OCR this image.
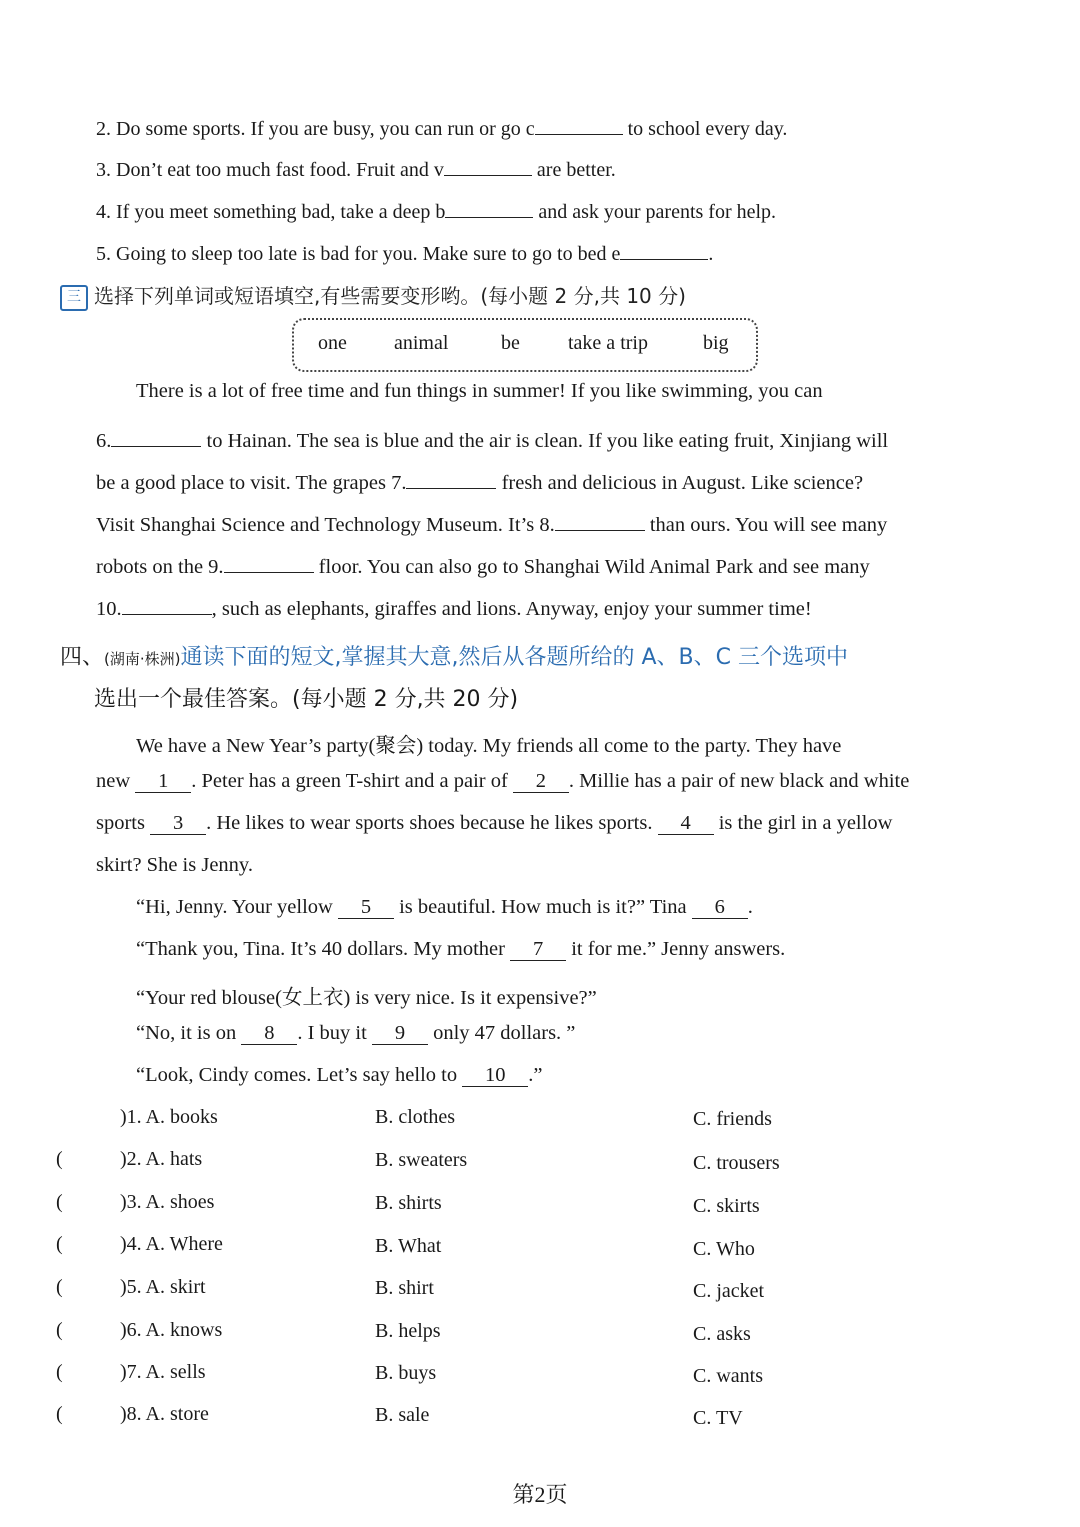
2. Do some sports. If you are busy, you can run or go c	to school every day.
3. Don’t eat too much fast food. Fruit and v	are better.
4. If you meet something bad, take a deep b	and ask your parents for help.
5. Going to sleep too late is bad for you. Make sure to go to bed e	.
三 选择下列单词或短语填空,有些需要变形哟。(每小题 2 分,共 10 分)
one animal	be take a trip	big
There is a lot of free time and fun things in summer! If you like swimming, you can
6.	to Hainan. The sea is blue and the air is clean. If you like eating fruit, Xinjiang will
be a good place to visit. The grapes 7.	fresh and delicious in August. Like science?
Visit Shanghai Science and Technology Museum. It’s 8.	than ours. You will see many
robots on the 9.	floor. You can also go to Shanghai Wild Animal Park and see many
10.	, such as elephants, giraffes and lions. Anyway, enjoy your summer time!
四、(湖南·株洲)通读下面的短文,掌握其大意,然后从各题所给的 A、B、C 三个选项中
选出一个最佳答案。(每小题 2 分,共 20 分)
We have a New Year’s party(聚会) today. My friends all come to the party. They have
new 1 . Peter has a green T-shirt and a pair of 2 . Millie has a pair of new black and white
sports 3 . He likes to wear sports shoes because he likes sports. 4 is the girl in a yellow
skirt? She is Jenny.
“Hi, Jenny. Your yellow 5 is beautiful. How much is it?” Tina 6 .
“Thank you, Tina. It’s 40 dollars. My mother 7 it for me.” Jenny answers.
“Your red blouse(女上衣) is very nice. Is it expensive?”
“No, it is on 8 . I buy it 9 only 47 dollars. ”
“Look, Cindy comes. Let’s say hello to 10 .”
)1. A. books	B. clothes	C. friends
(	)2. A. hats	B. sweaters	C. trousers
(	)3. A. shoes	B. shirts	C. skirts
(	)4. A. Where	B. What	C. Who
(	)5. A. skirt	B. shirt	C. jacket
(	)6. A. knows	B. helps	C. asks
(	)7. A. sells	B. buys	C. wants
(	)8. A. store	B. sale	C. TV
第2页
